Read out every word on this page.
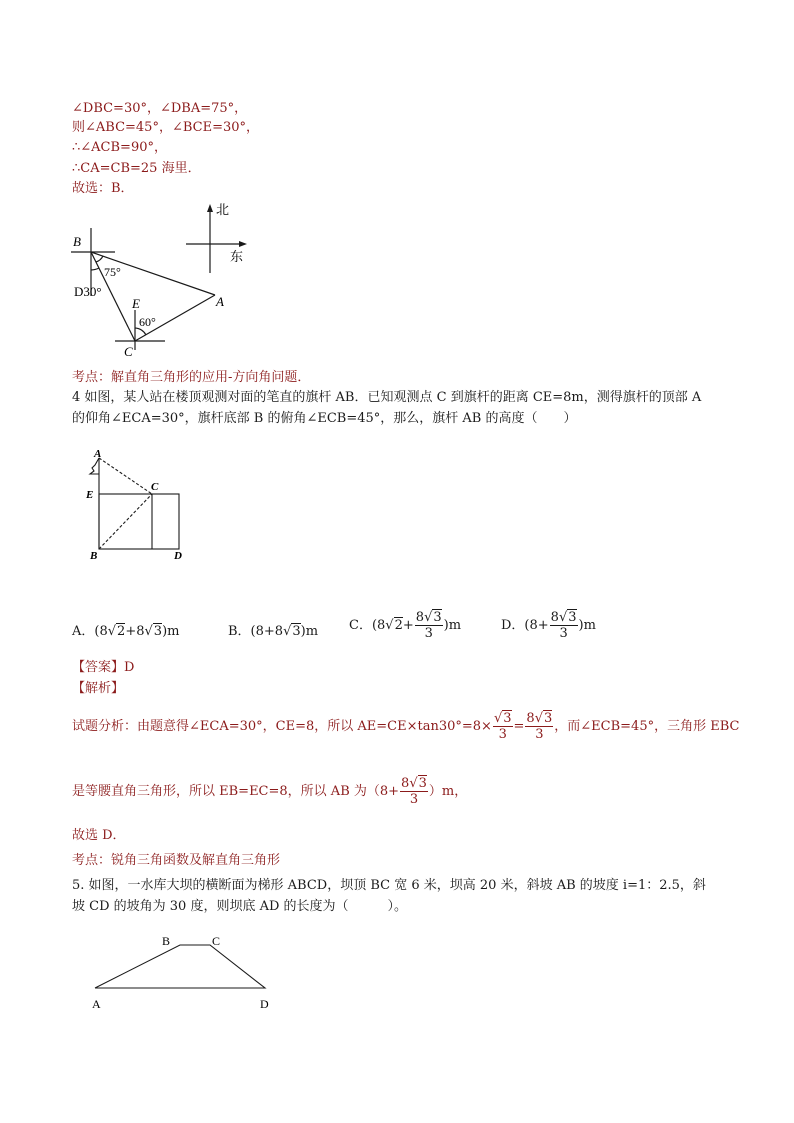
∠DBC=30°，∠DBA=75°，
则∠ABC=45°，∠BCE=30°，
∴∠ACB=90°，
∴CA=CB=25 海里．
故选：B．
B
D30°
75°
E
60°
C
A
北
东
考点：解直角三角形的应用-方向角问题．
4 如图，某人站在楼顶观测对面的笔直的旗杆 AB．已知观测点 C 到旗杆的距离 CE=8m，测得旗杆的顶部 A
的仰角∠ECA=30°，旗杆底部 B 的俯角∠ECB=45°，那么，旗杆 AB 的高度（　　）
A
E
C
B	D
A．(8√2+8√3)m	B．(8+8√3)m C．$(8√2+ \frac{8√3}{3} )m$	D．$(8+ \frac{8√3}{3} )m$
【答案】D
【解析】
试题分析：由题意得∠ECA=30°，CE=8，所以 $AE=CE\times\tan 30^\circ=8\times \frac{√3}{3} = \frac{8√3}{3}$ ，而∠ECB=45°，三角形 EBC
是等腰直角三角形，所以 EB=EC=8，所以 AB 为$(8+ \frac{8√3}{3} )m$，
故选 D．
考点：锐角三角函数及解直角三角形
5. 如图，一水库大坝的横断面为梯形 ABCD，坝顶 BC 宽 6 米，坝高 20 米，斜坡 AB 的坡度 i=1：2.5，斜
坡 CD 的坡角为 30 度，则坝底 AD 的长度为（　　　）。
B	C
A	D
